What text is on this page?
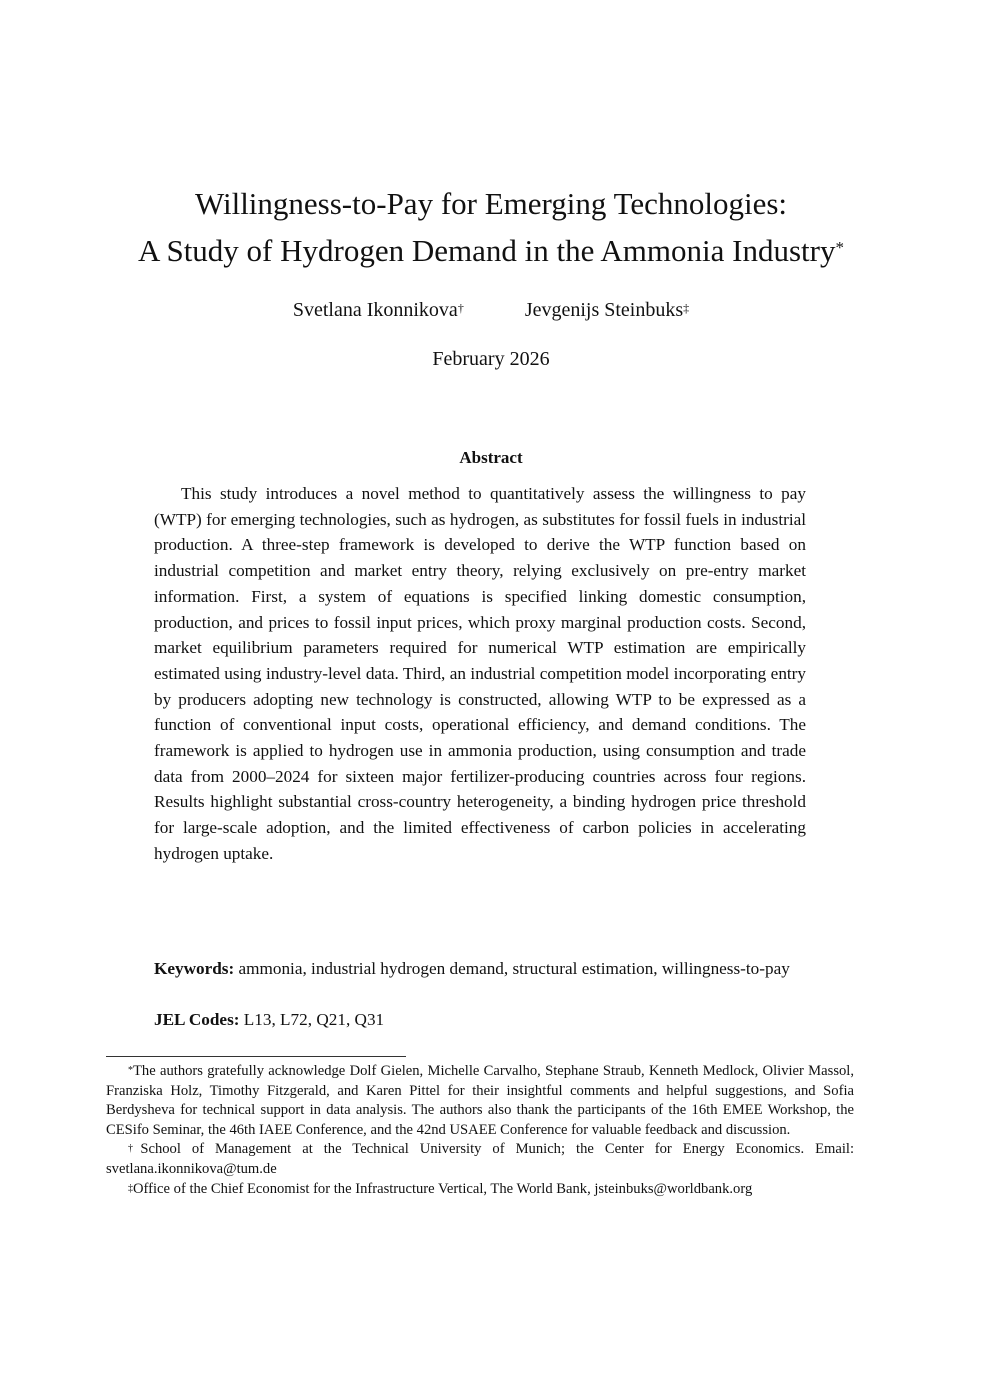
Willingness-to-Pay for Emerging Technologies:
A Study of Hydrogen Demand in the Ammonia Industry*
Svetlana Ikonnikova†	Jevgenijs Steinbuks‡
February 2026
Abstract

This study introduces a novel method to quantitatively assess the willingness to pay (WTP) for emerging technologies, such as hydrogen, as substitutes for fossil fuels in industrial production. A three-step framework is developed to derive the WTP function based on industrial competition and market entry theory, relying exclusively on pre-entry market information. First, a system of equations is specified linking domestic consumption, production, and prices to fossil input prices, which proxy marginal production costs. Second, market equilibrium parameters required for numerical WTP estimation are empirically estimated using industry-level data. Third, an industrial competition model incorporating entry by producers adopting new technology is constructed, allowing WTP to be expressed as a function of conventional input costs, operational efficiency, and demand conditions. The framework is applied to hydrogen use in ammonia production, using consumption and trade data from 2000–2024 for sixteen major fertilizer-producing countries across four regions. Results highlight substantial cross-country heterogeneity, a binding hydrogen price threshold for large-scale adoption, and the limited effectiveness of carbon policies in accelerating hydrogen uptake.

Keywords: ammonia, industrial hydrogen demand, structural estimation, willingness-to-pay

JEL Codes: L13, L72, Q21, Q31

*The authors gratefully acknowledge Dolf Gielen, Michelle Carvalho, Stephane Straub, Kenneth Medlock, Olivier Massol, Franziska Holz, Timothy Fitzgerald, and Karen Pittel for their insightful comments and helpful suggestions, and Sofia Berdysheva for technical support in data analysis. The authors also thank the participants of the 16th EMEE Workshop, the CESifo Seminar, the 46th IAEE Conference, and the 42nd USAEE Conference for valuable feedback and discussion.

†School of Management at the Technical University of Munich; the Center for Energy Economics. Email: svetlana.ikonnikova@tum.de

‡Office of the Chief Economist for the Infrastructure Vertical, The World Bank, jsteinbuks@worldbank.org
